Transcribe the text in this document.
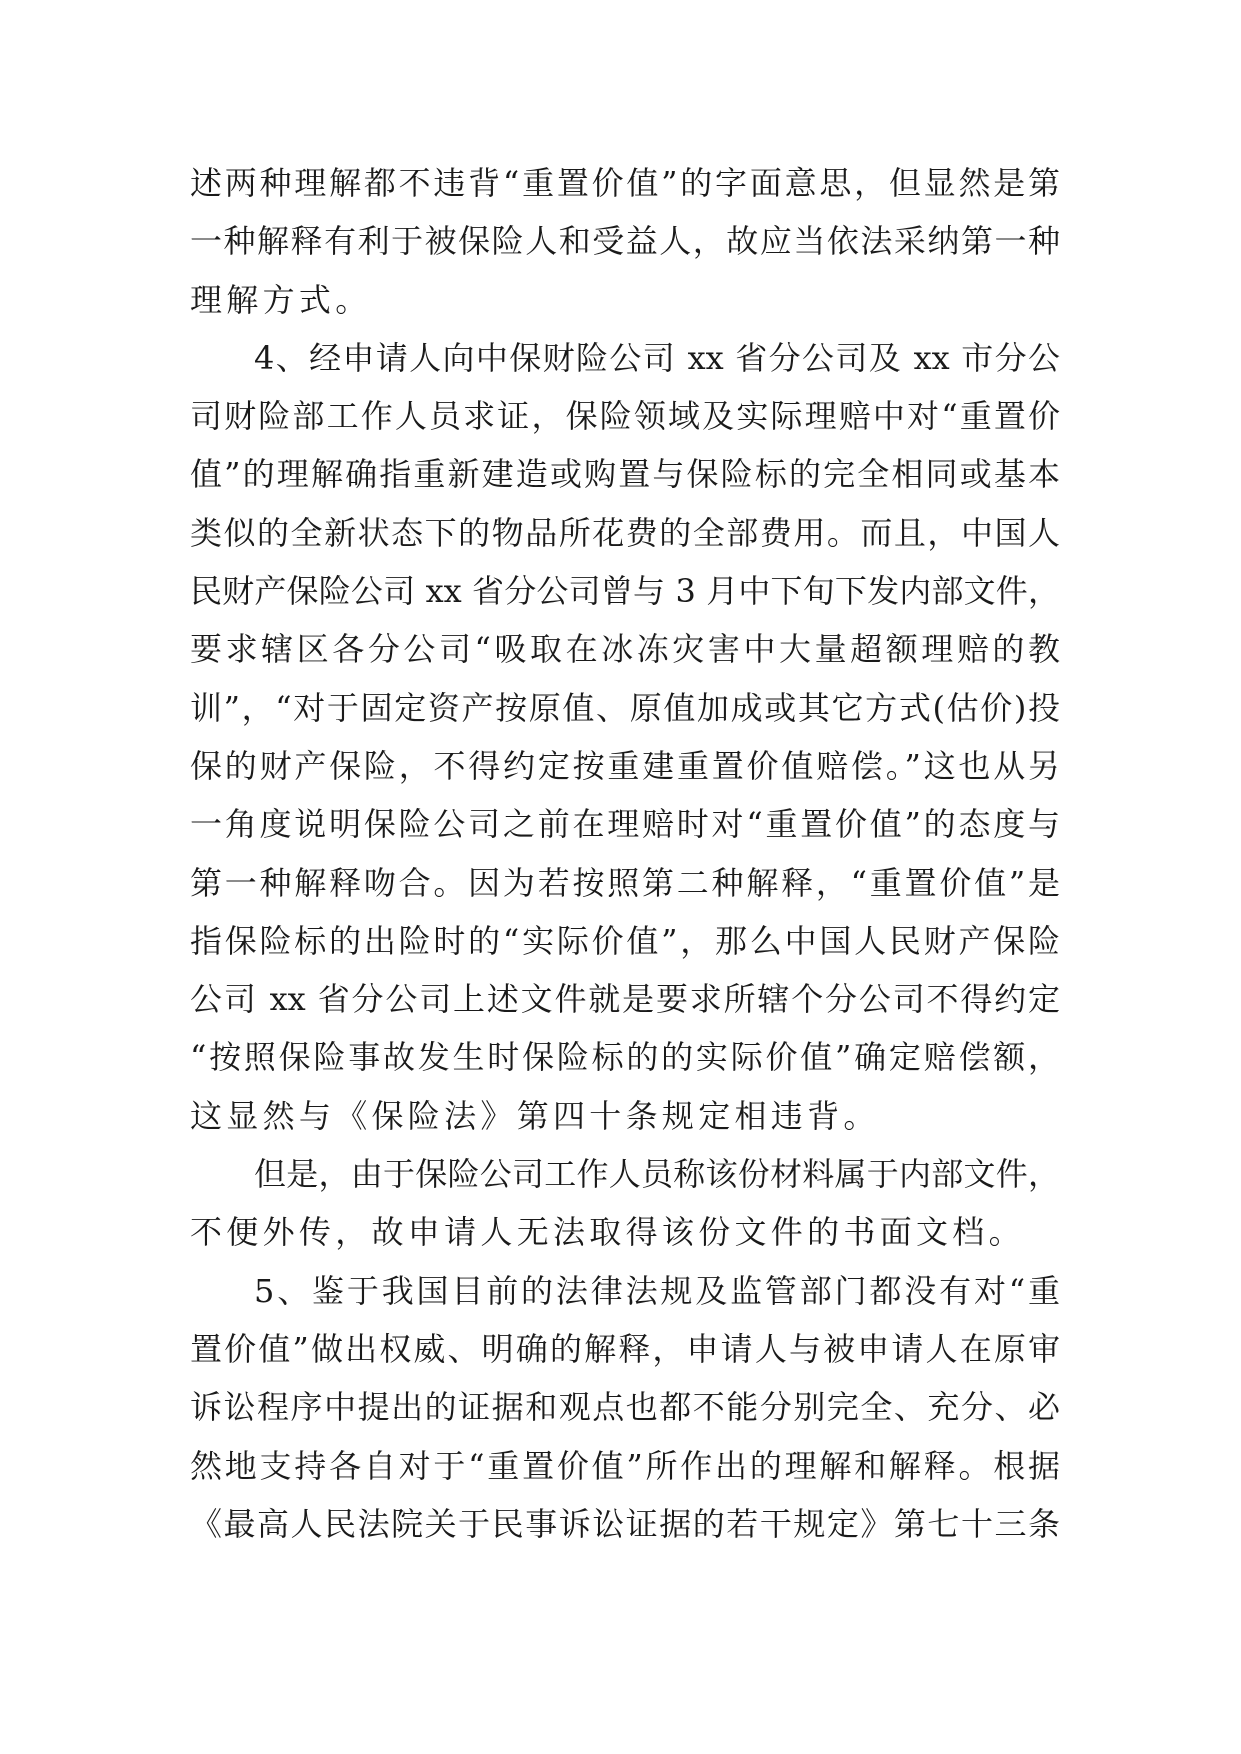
述两种理解都不违背“重置价值”的字面意思，但显然是第
一种解释有利于被保险人和受益人，故应当依法采纳第一种
理解方式。
4、经申请人向中保财险公司 xx 省分公司及 xx 市分公
司财险部工作人员求证，保险领域及实际理赔中对“重置价
值”的理解确指重新建造或购置与保险标的完全相同或基本
类似的全新状态下的物品所花费的全部费用。而且，中国人
民财产保险公司 xx 省分公司曾与 3 月中下旬下发内部文件，
要求辖区各分公司“吸取在冰冻灾害中大量超额理赔的教
训”，“对于固定资产按原值、原值加成或其它方式(估价)投
保的财产保险，不得约定按重建重置价值赔偿。”这也从另
一角度说明保险公司之前在理赔时对“重置价值”的态度与
第一种解释吻合。因为若按照第二种解释，“重置价值”是
指保险标的出险时的“实际价值”，那么中国人民财产保险
公司 xx 省分公司上述文件就是要求所辖个分公司不得约定
“按照保险事故发生时保险标的的实际价值”确定赔偿额，
这显然与《保险法》第四十条规定相违背。
但是，由于保险公司工作人员称该份材料属于内部文件，
不便外传，故申请人无法取得该份文件的书面文档。
5、鉴于我国目前的法律法规及监管部门都没有对“重
置价值”做出权威、明确的解释，申请人与被申请人在原审
诉讼程序中提出的证据和观点也都不能分别完全、充分、必
然地支持各自对于“重置价值”所作出的理解和解释。根据
《最高人民法院关于民事诉讼证据的若干规定》第七十三条
